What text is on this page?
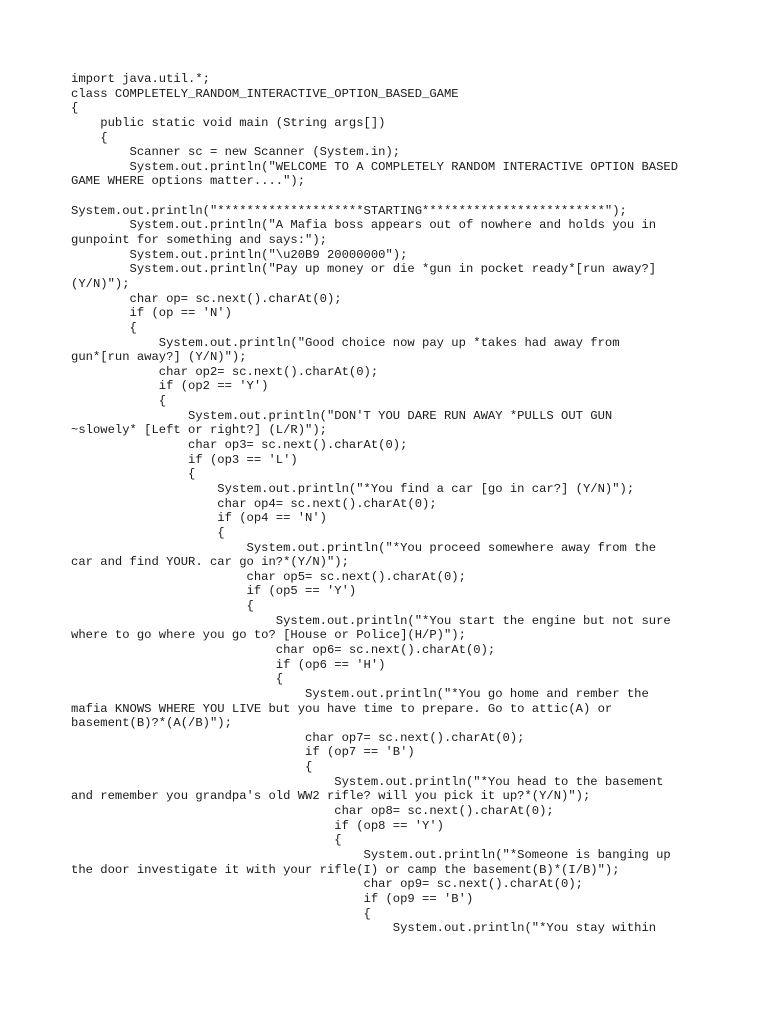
import java.util.*;
class COMPLETELY_RANDOM_INTERACTIVE_OPTION_BASED_GAME
{
public static void main (String args[])
{
Scanner sc = new Scanner (System.in);
System.out.println("WELCOME TO A COMPLETELY RANDOM INTERACTIVE OPTION BASED
GAME WHERE options matter....");
System.out.println("********************STARTING*************************");
System.out.println("A Mafia boss appears out of nowhere and holds you in
gunpoint for something and says:");
System.out.println("\u20B9 20000000");
System.out.println("Pay up money or die *gun in pocket ready*[run away?]
(Y/N)");
char op= sc.next().charAt(0);
if (op == 'N')
{
System.out.println("Good choice now pay up *takes had away from
gun*[run away?] (Y/N)");
char op2= sc.next().charAt(0);
if (op2 == 'Y')
{
System.out.println("DON'T YOU DARE RUN AWAY *PULLS OUT GUN
~slowely* [Left or right?] (L/R)");
char op3= sc.next().charAt(0);
if (op3 == 'L')
{
System.out.println("*You find a car [go in car?] (Y/N)");
char op4= sc.next().charAt(0);
if (op4 == 'N')
{
System.out.println("*You proceed somewhere away from the
car and find YOUR. car go in?*(Y/N)");
char op5= sc.next().charAt(0);
if (op5 == 'Y')
{
System.out.println("*You start the engine but not sure
where to go where you go to? [House or Police](H/P)");
char op6= sc.next().charAt(0);
if (op6 == 'H')
{
System.out.println("*You go home and rember the
mafia KNOWS WHERE YOU LIVE but you have time to prepare. Go to attic(A) or
basement(B)?*(A(/B)");
char op7= sc.next().charAt(0);
if (op7 == 'B')
{
System.out.println("*You head to the basement
and remember you grandpa's old WW2 rifle? will you pick it up?*(Y/N)");
char op8= sc.next().charAt(0);
if (op8 == 'Y')
{
System.out.println("*Someone is banging up
the door investigate it with your rifle(I) or camp the basement(B)*(I/B)");
char op9= sc.next().charAt(0);
if (op9 == 'B')
{
System.out.println("*You stay within
